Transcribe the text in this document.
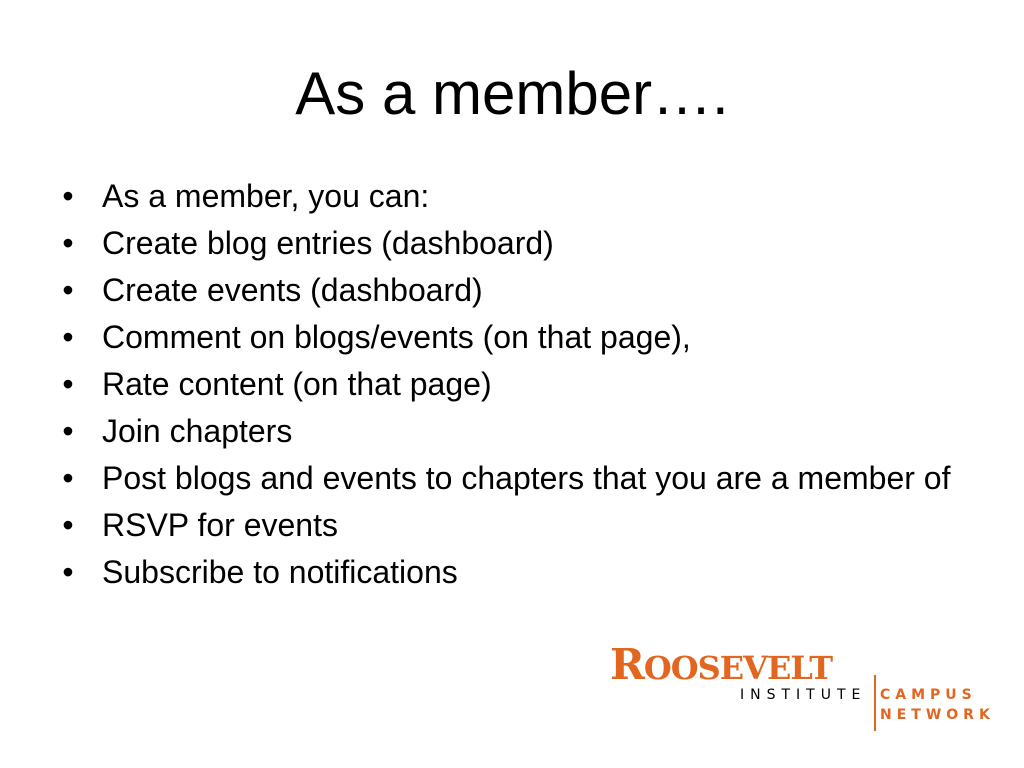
As a member….
• As a member, you can:
• Create blog entries (dashboard)
• Create events (dashboard)
• Comment on blogs/events (on that page),
• Rate content (on that page)
• Join chapters
• Post blogs and events to chapters that you are a member of
• RSVP for events
• Subscribe to notifications
ROOSEVELT
INSTITUTE CAMPUS
NETWORK
